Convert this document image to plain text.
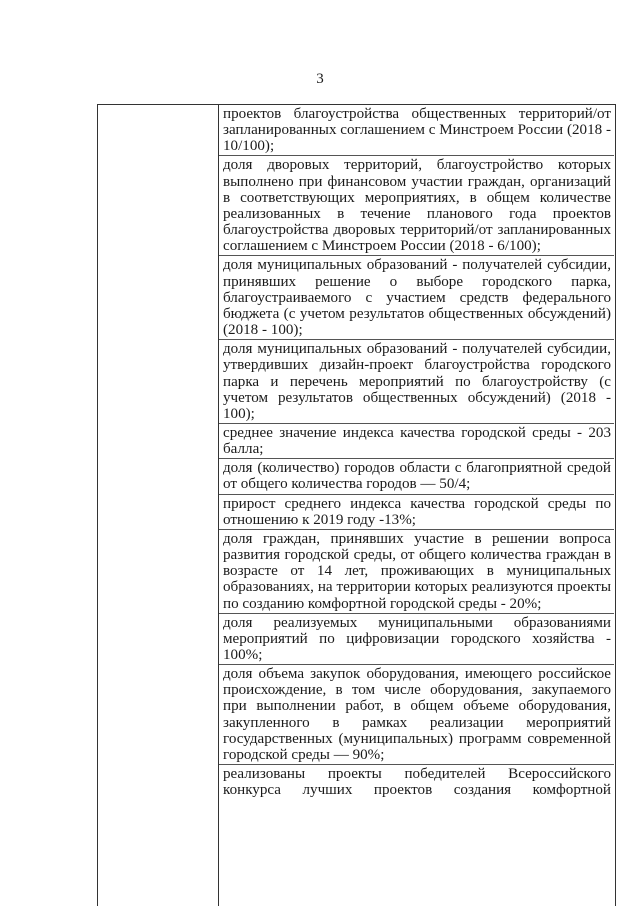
3
проектов благоустройства общественных территорий/от запланированных соглашением с Минстроем России (2018 - 10/100);
доля дворовых территорий, благоустройство которых выполнено при финансовом участии граждан, организаций в соответствующих мероприятиях, в общем количестве реализованных в течение планового года проектов благоустройства дворовых территорий/от запланированных соглашением с Минстроем России (2018 - 6/100);
доля муниципальных образований - получателей субсидии, принявших решение о выборе городского парка, благоустраиваемого с участием средств федерального бюджета (с учетом результатов общественных обсуждений) (2018 - 100);
доля муниципальных образований - получателей субсидии, утвердивших дизайн-проект благоустройства городского парка и перечень мероприятий по благоустройству (с учетом результатов общественных обсуждений) (2018 - 100);
среднее значение индекса качества городской среды - 203 балла;
доля (количество) городов области с благоприятной средой от общего количества городов — 50/4;
прирост среднего индекса качества городской среды по отношению к 2019 году -13%;
доля граждан, принявших участие в решении вопроса развития городской среды, от общего количества граждан в возрасте от 14 лет, проживающих в муниципальных образованиях, на территории которых реализуются проекты по созданию комфортной городской среды - 20%;
доля реализуемых муниципальными образованиями мероприятий по цифровизации городского хозяйства - 100%;
доля объема закупок оборудования, имеющего российское происхождение, в том числе оборудования, закупаемого при выполнении работ, в общем объеме оборудования, закупленного в рамках реализации мероприятий государственных (муниципальных) программ современной городской среды — 90%;
реализованы проекты победителей Всероссийского конкурса лучших проектов создания комфортной
